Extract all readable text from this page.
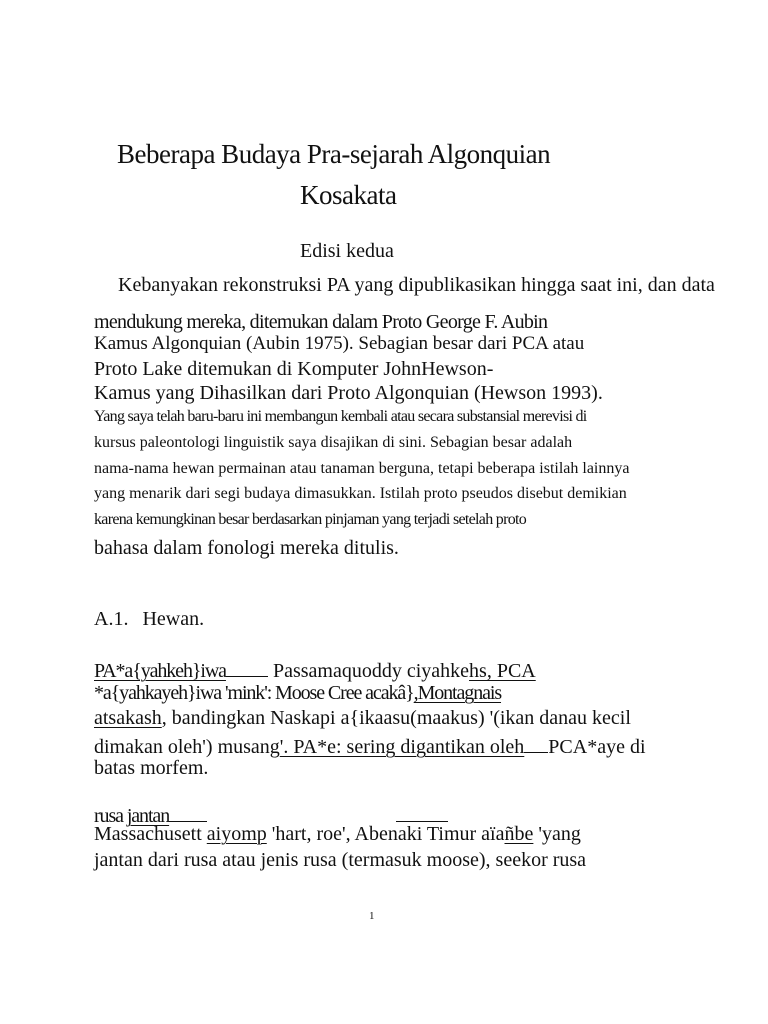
Beberapa Budaya Pra-sejarah Algonquian
Kosakata
Edisi kedua
Kebanyakan rekonstruksi PA yang dipublikasikan hingga saat ini, dan data
mendukung mereka, ditemukan dalam Proto George F. Aubin
Kamus Algonquian (Aubin 1975). Sebagian besar dari PCA atau
Proto Lake ditemukan di Komputer JohnHewson-
Kamus yang Dihasilkan dari Proto Algonquian (Hewson 1993).
Yang saya telah baru-baru ini membangun kembali atau secara substansial merevisi di
kursus paleontologi linguistik saya disajikan di sini. Sebagian besar adalah
nama-nama hewan permainan atau tanaman berguna, tetapi beberapa istilah lainnya
yang menarik dari segi budaya dimasukkan. Istilah proto pseudos disebut demikian
karena kemungkinan besar berdasarkan pinjaman yang terjadi setelah proto
bahasa dalam fonologi mereka ditulis.
A.1. Hewan.
PA*a{yahkeh}iwa Passamaquoddy ciyahkehs, PCA
*a{yahkayeh}iwa 'mink': Moose Cree acakâ},Montagnais
atsakash, bandingkan Naskapi a{ikaasu(maakus) '(ikan danau kecil
dimakan oleh') musang'. PA*e: sering digantikan oleh PCA*aye di
batas morfem.
rusa jantan
Massachusett aiyomp 'hart, roe', Abenaki Timur aïañbe 'yang
jantan dari rusa atau jenis rusa (termasuk moose), seekor rusa
1
